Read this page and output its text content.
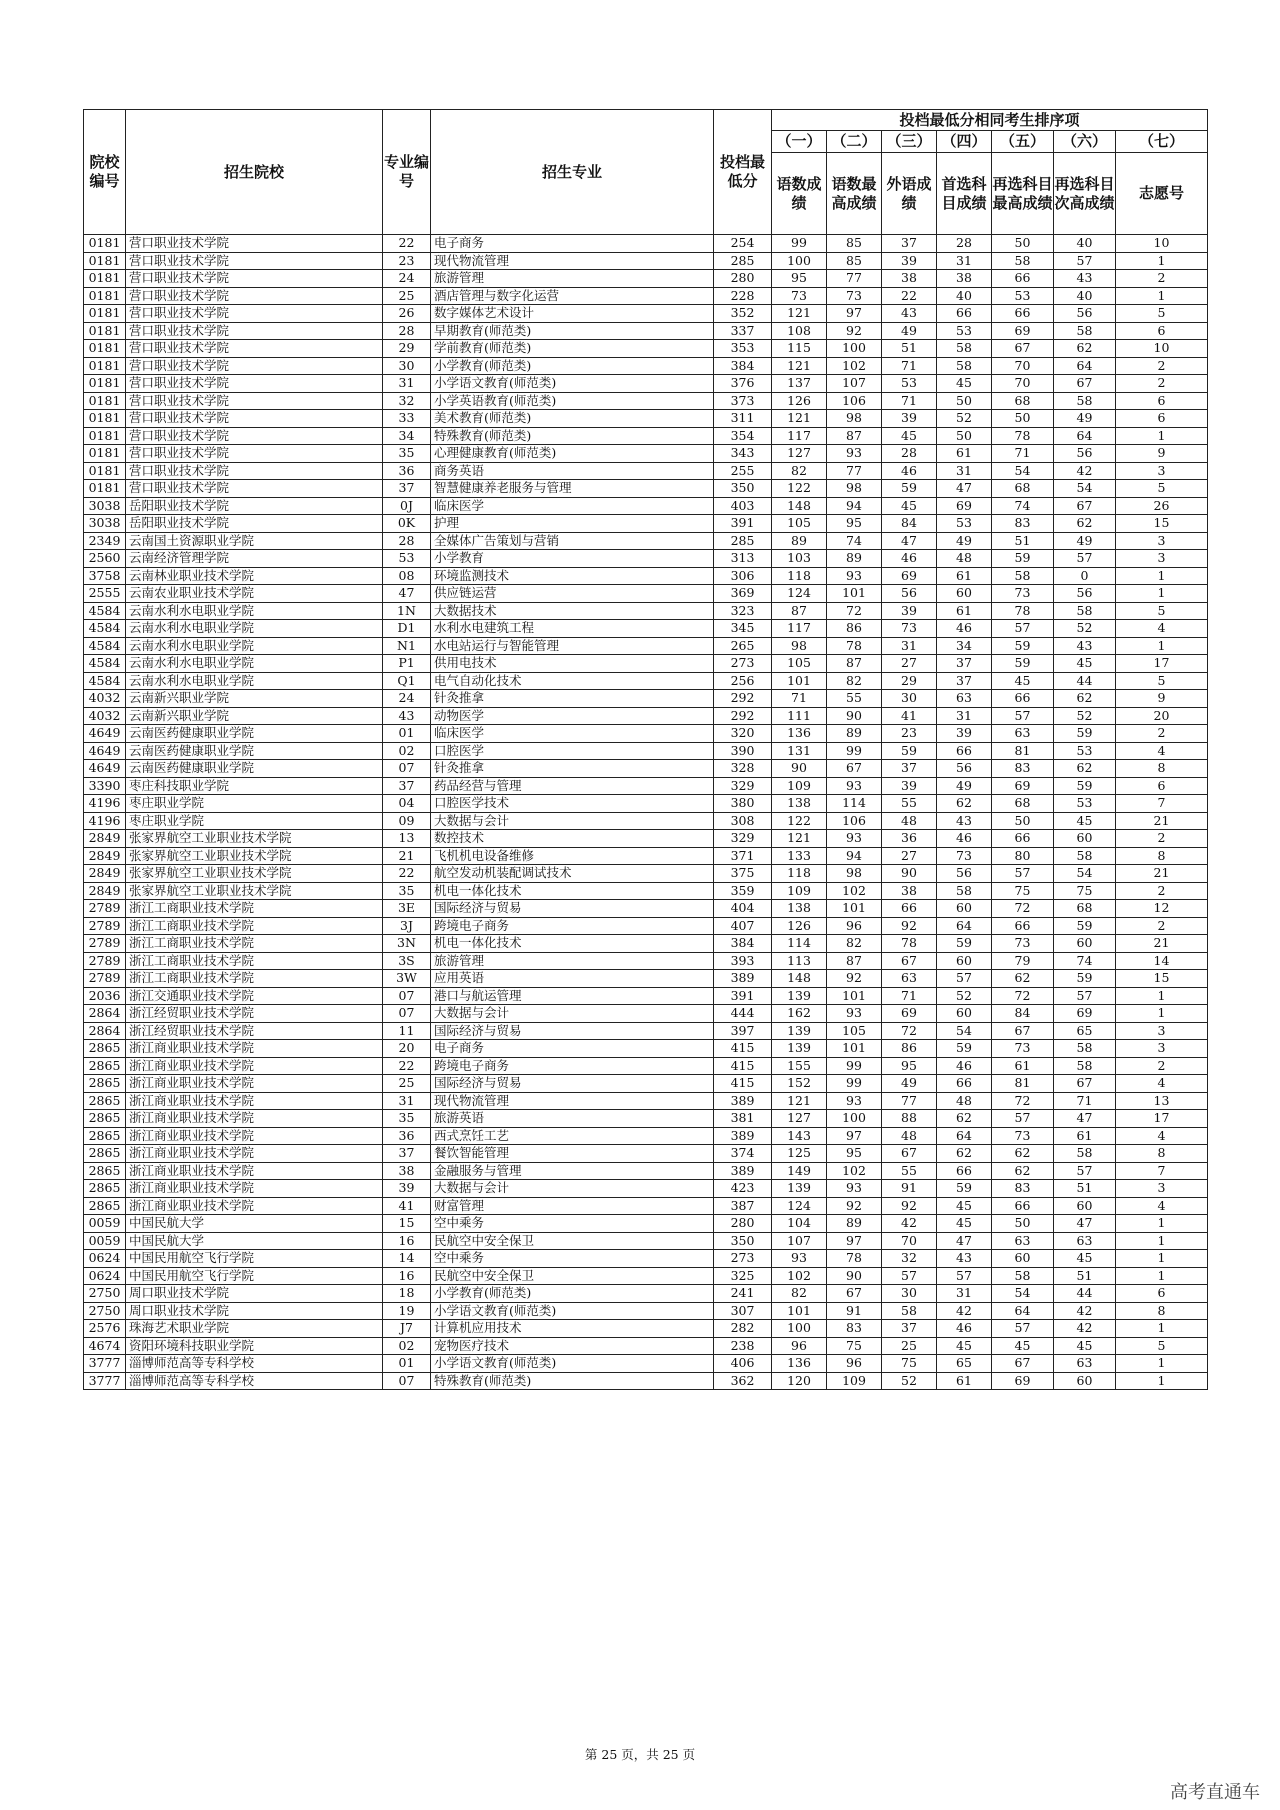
院校编号	招生院校	专业编号	招生专业	投档最低分	投档最低分相同考生排序项						
					（一）	（二）	（三）	（四）	（五）	（六）	（七）
					语数成绩	语数最高成绩	外语成绩	首选科目成绩	再选科目最高成绩	再选科目次高成绩	志愿号
0181	营口职业技术学院	22	电子商务	254	99	85	37	28	50	40	10
0181	营口职业技术学院	23	现代物流管理	285	100	85	39	31	58	57	1
0181	营口职业技术学院	24	旅游管理	280	95	77	38	38	66	43	2
0181	营口职业技术学院	25	酒店管理与数字化运营	228	73	73	22	40	53	40	1
0181	营口职业技术学院	26	数字媒体艺术设计	352	121	97	43	66	66	56	5
0181	营口职业技术学院	28	早期教育(师范类)	337	108	92	49	53	69	58	6
0181	营口职业技术学院	29	学前教育(师范类)	353	115	100	51	58	67	62	10
0181	营口职业技术学院	30	小学教育(师范类)	384	121	102	71	58	70	64	2
0181	营口职业技术学院	31	小学语文教育(师范类)	376	137	107	53	45	70	67	2
0181	营口职业技术学院	32	小学英语教育(师范类)	373	126	106	71	50	68	58	6
0181	营口职业技术学院	33	美术教育(师范类)	311	121	98	39	52	50	49	6
0181	营口职业技术学院	34	特殊教育(师范类)	354	117	87	45	50	78	64	1
0181	营口职业技术学院	35	心理健康教育(师范类)	343	127	93	28	61	71	56	9
0181	营口职业技术学院	36	商务英语	255	82	77	46	31	54	42	3
0181	营口职业技术学院	37	智慧健康养老服务与管理	350	122	98	59	47	68	54	5
3038	岳阳职业技术学院	0J	临床医学	403	148	94	45	69	74	67	26
3038	岳阳职业技术学院	0K	护理	391	105	95	84	53	83	62	15
2349	云南国土资源职业学院	28	全媒体广告策划与营销	285	89	74	47	49	51	49	3
2560	云南经济管理学院	53	小学教育	313	103	89	46	48	59	57	3
3758	云南林业职业技术学院	08	环境监测技术	306	118	93	69	61	58	0	1
2555	云南农业职业技术学院	47	供应链运营	369	124	101	56	60	73	56	1
4584	云南水利水电职业学院	1N	大数据技术	323	87	72	39	61	78	58	5
4584	云南水利水电职业学院	D1	水利水电建筑工程	345	117	86	73	46	57	52	4
4584	云南水利水电职业学院	N1	水电站运行与智能管理	265	98	78	31	34	59	43	1
4584	云南水利水电职业学院	P1	供用电技术	273	105	87	27	37	59	45	17
4584	云南水利水电职业学院	Q1	电气自动化技术	256	101	82	29	37	45	44	5
4032	云南新兴职业学院	24	针灸推拿	292	71	55	30	63	66	62	9
4032	云南新兴职业学院	43	动物医学	292	111	90	41	31	57	52	20
4649	云南医药健康职业学院	01	临床医学	320	136	89	23	39	63	59	2
4649	云南医药健康职业学院	02	口腔医学	390	131	99	59	66	81	53	4
4649	云南医药健康职业学院	07	针灸推拿	328	90	67	37	56	83	62	8
3390	枣庄科技职业学院	37	药品经营与管理	329	109	93	39	49	69	59	6
4196	枣庄职业学院	04	口腔医学技术	380	138	114	55	62	68	53	7
4196	枣庄职业学院	09	大数据与会计	308	122	106	48	43	50	45	21
2849	张家界航空工业职业技术学院	13	数控技术	329	121	93	36	46	66	60	2
2849	张家界航空工业职业技术学院	21	飞机机电设备维修	371	133	94	27	73	80	58	8
2849	张家界航空工业职业技术学院	22	航空发动机装配调试技术	375	118	98	90	56	57	54	21
2849	张家界航空工业职业技术学院	35	机电一体化技术	359	109	102	38	58	75	75	2
2789	浙江工商职业技术学院	3E	国际经济与贸易	404	138	101	66	60	72	68	12
2789	浙江工商职业技术学院	3J	跨境电子商务	407	126	96	92	64	66	59	2
2789	浙江工商职业技术学院	3N	机电一体化技术	384	114	82	78	59	73	60	21
2789	浙江工商职业技术学院	3S	旅游管理	393	113	87	67	60	79	74	14
2789	浙江工商职业技术学院	3W	应用英语	389	148	92	63	57	62	59	15
2036	浙江交通职业技术学院	07	港口与航运管理	391	139	101	71	52	72	57	1
2864	浙江经贸职业技术学院	07	大数据与会计	444	162	93	69	60	84	69	1
2864	浙江经贸职业技术学院	11	国际经济与贸易	397	139	105	72	54	67	65	3
2865	浙江商业职业技术学院	20	电子商务	415	139	101	86	59	73	58	3
2865	浙江商业职业技术学院	22	跨境电子商务	415	155	99	95	46	61	58	2
2865	浙江商业职业技术学院	25	国际经济与贸易	415	152	99	49	66	81	67	4
2865	浙江商业职业技术学院	31	现代物流管理	389	121	93	77	48	72	71	13
2865	浙江商业职业技术学院	35	旅游英语	381	127	100	88	62	57	47	17
2865	浙江商业职业技术学院	36	西式烹饪工艺	389	143	97	48	64	73	61	4
2865	浙江商业职业技术学院	37	餐饮智能管理	374	125	95	67	62	62	58	8
2865	浙江商业职业技术学院	38	金融服务与管理	389	149	102	55	66	62	57	7
2865	浙江商业职业技术学院	39	大数据与会计	423	139	93	91	59	83	51	3
2865	浙江商业职业技术学院	41	财富管理	387	124	92	92	45	66	60	4
0059	中国民航大学	15	空中乘务	280	104	89	42	45	50	47	1
0059	中国民航大学	16	民航空中安全保卫	350	107	97	70	47	63	63	1
0624	中国民用航空飞行学院	14	空中乘务	273	93	78	32	43	60	45	1
0624	中国民用航空飞行学院	16	民航空中安全保卫	325	102	90	57	57	58	51	1
2750	周口职业技术学院	18	小学教育(师范类)	241	82	67	30	31	54	44	6
2750	周口职业技术学院	19	小学语文教育(师范类)	307	101	91	58	42	64	42	8
2576	珠海艺术职业学院	J7	计算机应用技术	282	100	83	37	46	57	42	1
4674	资阳环境科技职业学院	02	宠物医疗技术	238	96	75	25	45	45	45	5
3777	淄博师范高等专科学校	01	小学语文教育(师范类)	406	136	96	75	65	67	63	1
3777	淄博师范高等专科学校	07	特殊教育(师范类)	362	120	109	52	61	69	60	1
第 25 页，共 25 页
高考直通车
